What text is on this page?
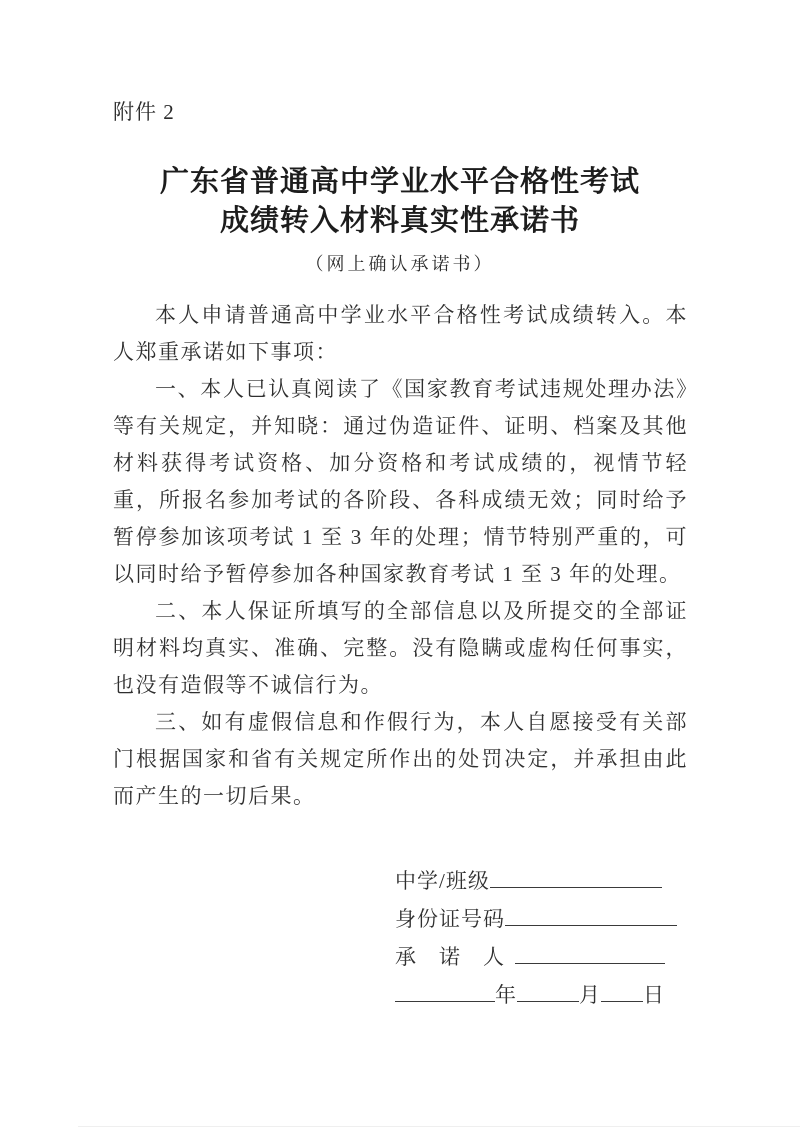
附件 2
广东省普通高中学业水平合格性考试
成绩转入材料真实性承诺书
（网上确认承诺书）

本人申请普通高中学业水平合格性考试成绩转入。本人郑重承诺如下事项：

一、本人已认真阅读了《国家教育考试违规处理办法》等有关规定，并知晓：通过伪造证件、证明、档案及其他材料获得考试资格、加分资格和考试成绩的，视情节轻重，所报名参加考试的各阶段、各科成绩无效；同时给予暂停参加该项考试 1 至 3 年的处理；情节特别严重的，可以同时给予暂停参加各种国家教育考试 1 至 3 年的处理。

二、本人保证所填写的全部信息以及所提交的全部证明材料均真实、准确、完整。没有隐瞒或虚构任何事实，也没有造假等不诚信行为。

三、如有虚假信息和作假行为，本人自愿接受有关部门根据国家和省有关规定所作出的处罚决定，并承担由此而产生的一切后果。

中学/班级
身份证号码
承　诺　人
年	月 日
